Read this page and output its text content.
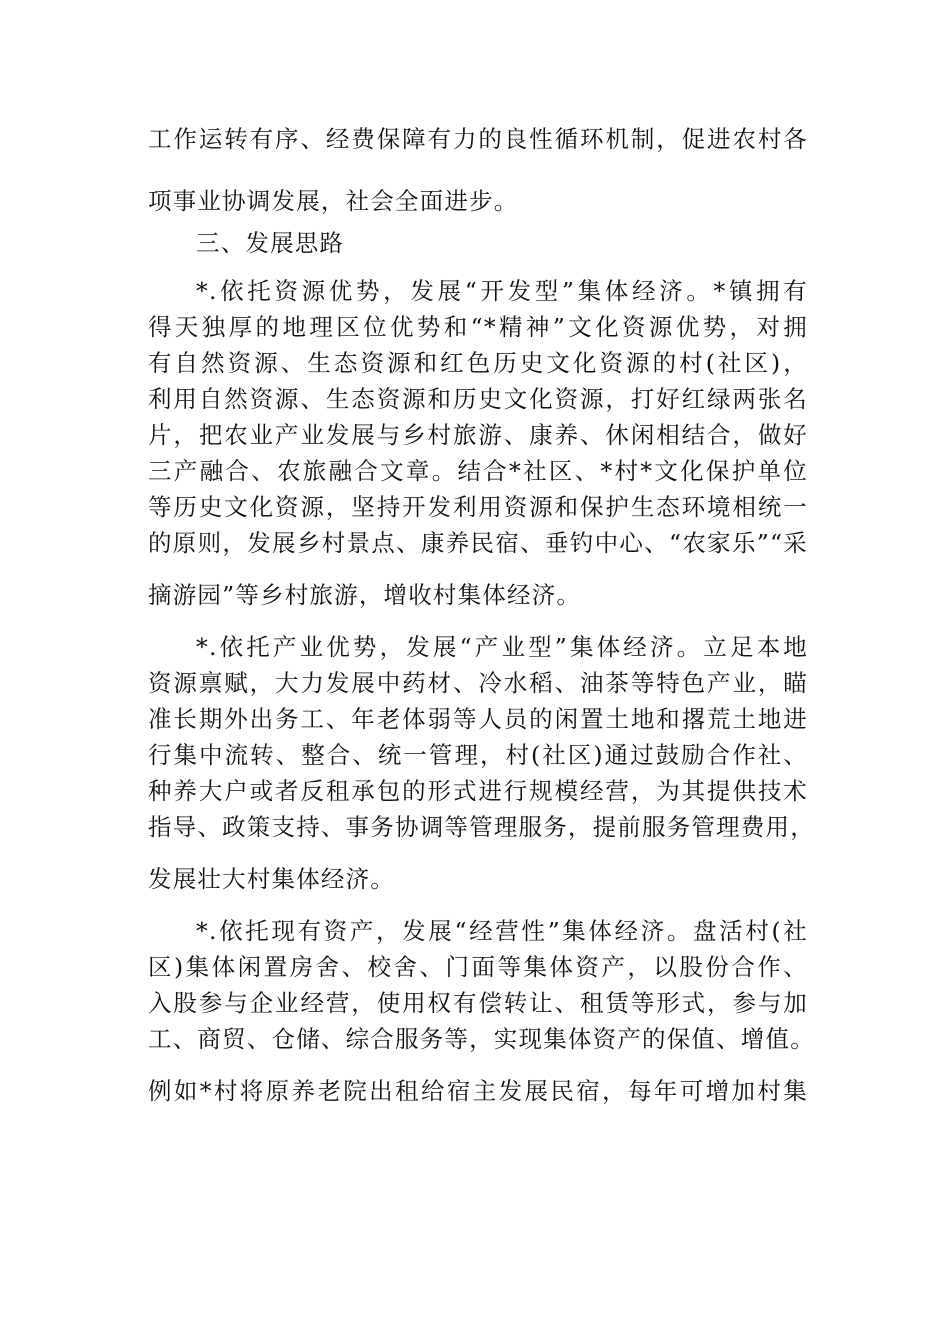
工作运转有序、经费保障有力的良性循环机制，促进农村各
项事业协调发展，社会全面进步。
三、发展思路
*.依托资源优势，发展“开发型”集体经济。*镇拥有
得天独厚的地理区位优势和“*精神”文化资源优势，对拥
有自然资源、生态资源和红色历史文化资源的村(社区)，
利用自然资源、生态资源和历史文化资源，打好红绿两张名
片，把农业产业发展与乡村旅游、康养、休闲相结合，做好
三产融合、农旅融合文章。结合*社区、*村*文化保护单位
等历史文化资源，坚持开发利用资源和保护生态环境相统一
的原则，发展乡村景点、康养民宿、垂钓中心、“农家乐”“采
摘游园”等乡村旅游，增收村集体经济。
*.依托产业优势，发展“产业型”集体经济。立足本地
资源禀赋，大力发展中药材、冷水稻、油茶等特色产业，瞄
准长期外出务工、年老体弱等人员的闲置土地和撂荒土地进
行集中流转、整合、统一管理，村(社区)通过鼓励合作社、
种养大户或者反租承包的形式进行规模经营，为其提供技术
指导、政策支持、事务协调等管理服务，提前服务管理费用，
发展壮大村集体经济。
*.依托现有资产，发展“经营性”集体经济。盘活村(社
区)集体闲置房舍、校舍、门面等集体资产，以股份合作、
入股参与企业经营，使用权有偿转让、租赁等形式，参与加
工、商贸、仓储、综合服务等，实现集体资产的保值、增值。
例如*村将原养老院出租给宿主发展民宿，每年可增加村集
